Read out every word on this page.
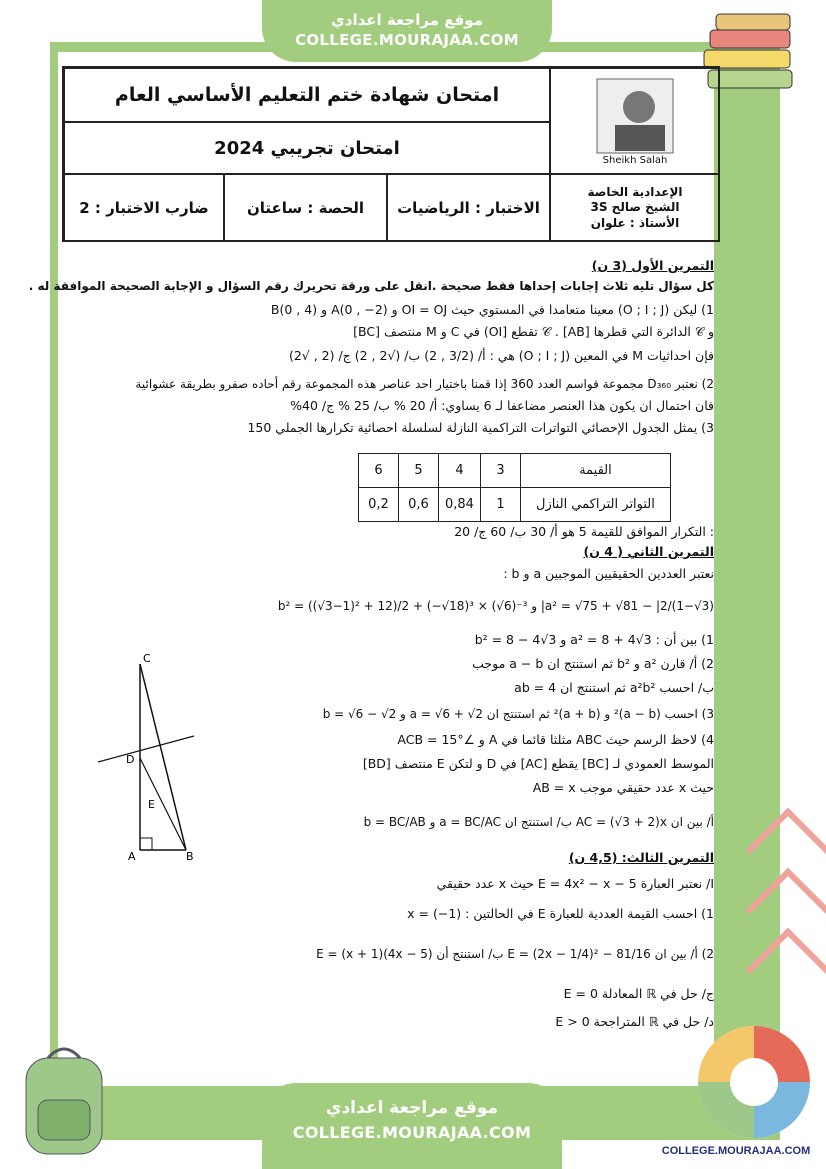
موقع مراجعة اعدادي
COLLEGE.MOURAJAA.COM
امتحان شهادة ختم التعليم الأساسي العام
امتحان تجريبي 2024
ضارب الاختبار : 2	الحصة : ساعتان	الاختبار : الرياضيات
Sheikh Salah
الإعدادية الخاصة
الشيخ صالح 3S
الأستاذ : علوان
التمرين الأول (3 ن)
كل سؤال تليه ثلاث إجابات إحداها فقط صحيحة .انقل على ورقة تحريرك رقم السؤال و الإجابة الصحيحة الموافقة له .
1) ليكن (O ; I ; J) معينا متعامدا في المستوي حيث OI = OJ و A(0 , −2) و B(0 , 4)
و 𝒞 الدائرة التي قطرها [AB] . 𝒞 تقطع [OI) في C و M منتصف [BC]
فإن احداثيات M في المعين (O ; I ; J) هي : أ/ (3/2 , 2) ب/ (√2 , 2) ج/ (2 , √2)
2) نعتبر D₃₆₀ مجموعة قواسم العدد 360 إذا قمنا باختيار احد عناصر هذه المجموعة رقم أحاده صفرو بطريقة عشوائية
فان احتمال ان يكون هذا العنصر مضاعفا لـ 6 يساوي: أ/ 20 % ب/ 25 % ج/ 40%
3) يمثل الجدول الإحصائي التواترات التراكمية النازلة لسلسلة احصائية تكرارها الجملي 150
القيمة	3	4	5	6
التواتر التراكمي النازل	1	0,84	0,6	0,2
: التكرار الموافق للقيمة 5 هو أ/ 30 ب/ 60 ج/ 20
التمرين الثاني ( 4 ن)
نعتبر العددين الحقيقيين الموجبين a و b :
a² = √75 + √81 − |2/(1−√3)| و b² = ((√3−1)² + 12)/2 + (−√18)³ × (√6)⁻³
1) بين أن : a² = 8 + 4√3 و b² = 8 − 4√3
2) أ/ قارن a² و b² ثم استنتج ان a − b موجب
ب/ احسب a²b² ثم استنتج ان ab = 4
3) احسب (a − b)² و (a + b)² ثم استنتج ان a = √6 + √2 و b = √6 − √2
4) لاحظ الرسم حيث ABC مثلثا قائما في A و ∠ACB = 15°
الموسط العمودي لـ [BC] يقطع [AC] في D و لتكن E منتصف [BD]
حيث x عدد حقيقي موجب AB = x
أ/ بين ان AC = (√3 + 2)x ب/ استنتج ان a = BC/AC و b = BC/AB
التمرين الثالث: (4,5 ن)
I/ نعتبر العبارة E = 4x² − x − 5 حيث x عدد حقيقي
1) احسب القيمة العددية للعبارة E في الحالتين : x = (−1)
2) أ/ بين ان E = (2x − 1/4)² − 81/16 ب/ استنتج أن E = (x + 1)(4x − 5)
ج/ حل في ℝ المعادلة E = 0
د/ حل في ℝ المتراجحة E > 0
C
D
E
A	B
COLLEGE.MOURAJAA.COM
موقع مراجعة اعدادي
COLLEGE.MOURAJAA.COM
